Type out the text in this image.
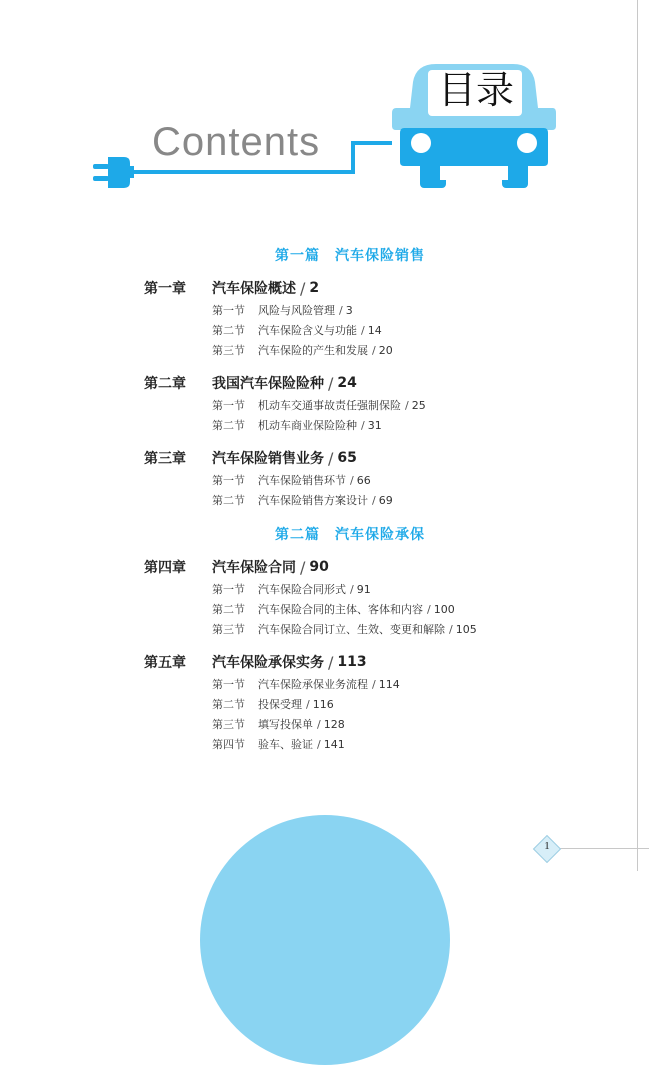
目录
Contents
第一篇　汽车保险销售
第一章	汽车保险概述 / 2
第一节	风险与风险管理 / 3
第二节	汽车保险含义与功能 / 14
第三节	汽车保险的产生和发展 / 20
第二章	我国汽车保险险种 / 24
第一节	机动车交通事故责任强制保险 / 25
第二节	机动车商业保险险种 / 31
第三章	汽车保险销售业务 / 65
第一节	汽车保险销售环节 / 66
第二节	汽车保险销售方案设计 / 69
第二篇　汽车保险承保
第四章	汽车保险合同 / 90
第一节	汽车保险合同形式 / 91
第二节	汽车保险合同的主体、客体和内容 / 100
第三节	汽车保险合同订立、生效、变更和解除 / 105
第五章	汽车保险承保实务 / 113
第一节	汽车保险承保业务流程 / 114
第二节	投保受理 / 116
第三节	填写投保单 / 128
第四节	验车、验证 / 141
1
